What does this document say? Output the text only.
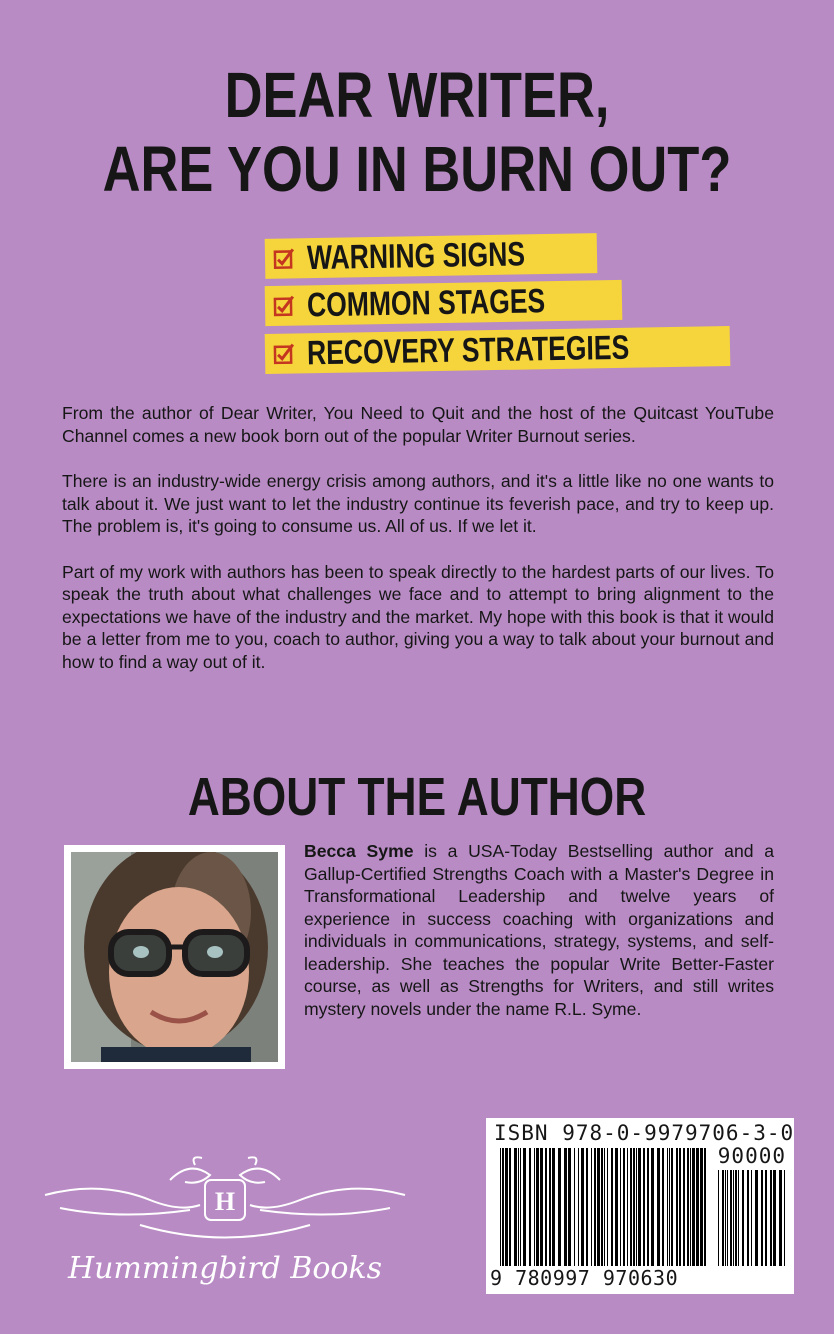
DEAR WRITER,
ARE YOU IN BURN OUT?
WARNING SIGNS
COMMON STAGES
RECOVERY STRATEGIES

From the author of Dear Writer, You Need to Quit and the host of the Quitcast YouTube Channel comes a new book born out of the popular Writer Burnout series.

There is an industry-wide energy crisis among authors, and it's a little like no one wants to talk about it. We just want to let the industry continue its feverish pace, and try to keep up. The problem is, it's going to consume us. All of us. If we let it.

Part of my work with authors has been to speak directly to the hardest parts of our lives. To speak the truth about what challenges we face and to attempt to bring alignment to the expectations we have of the industry and the market. My hope with this book is that it would be a letter from me to you, coach to author, giving you a way to talk about your burnout and how to find a way out of it.

ABOUT THE AUTHOR
Becca Syme is a USA-Today Bestselling author and a Gallup-Certified Strengths Coach with a Master's Degree in Transformational Leadership and twelve years of experience in success coaching with organizations and individuals in communications, strategy, systems, and self-leadership. She teaches the popular Write Better-Faster course, as well as Strengths for Writers, and still writes mystery novels under the name R.L. Syme.
ISBN 978-0-9979706-3-0
90000
9 780997 970630
H
Hummingbird Books
